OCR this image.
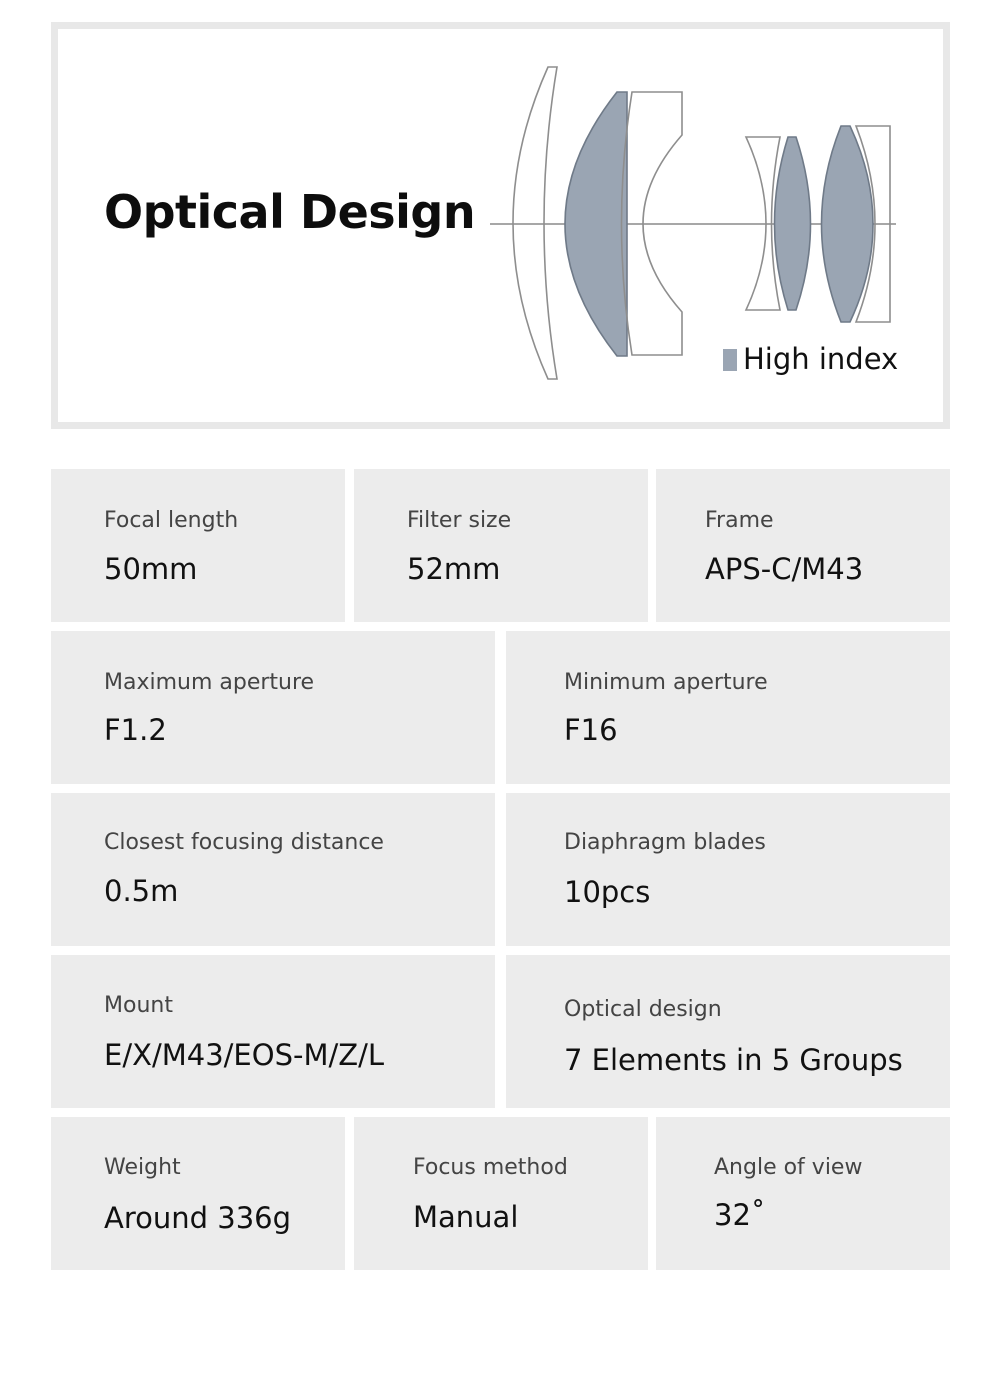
Optical Design
High index
Focal length
50mm
Filter size
52mm
Frame
APS-C/M43
Maximum aperture
F1.2
Minimum aperture
F16
Closest focusing distance
0.5m
Diaphragm blades
10pcs
Mount
E/X/M43/EOS-M/Z/L
Optical design
7 Elements in 5 Groups
Weight
Around 336g
Focus method
Manual
Angle of view
32˚
